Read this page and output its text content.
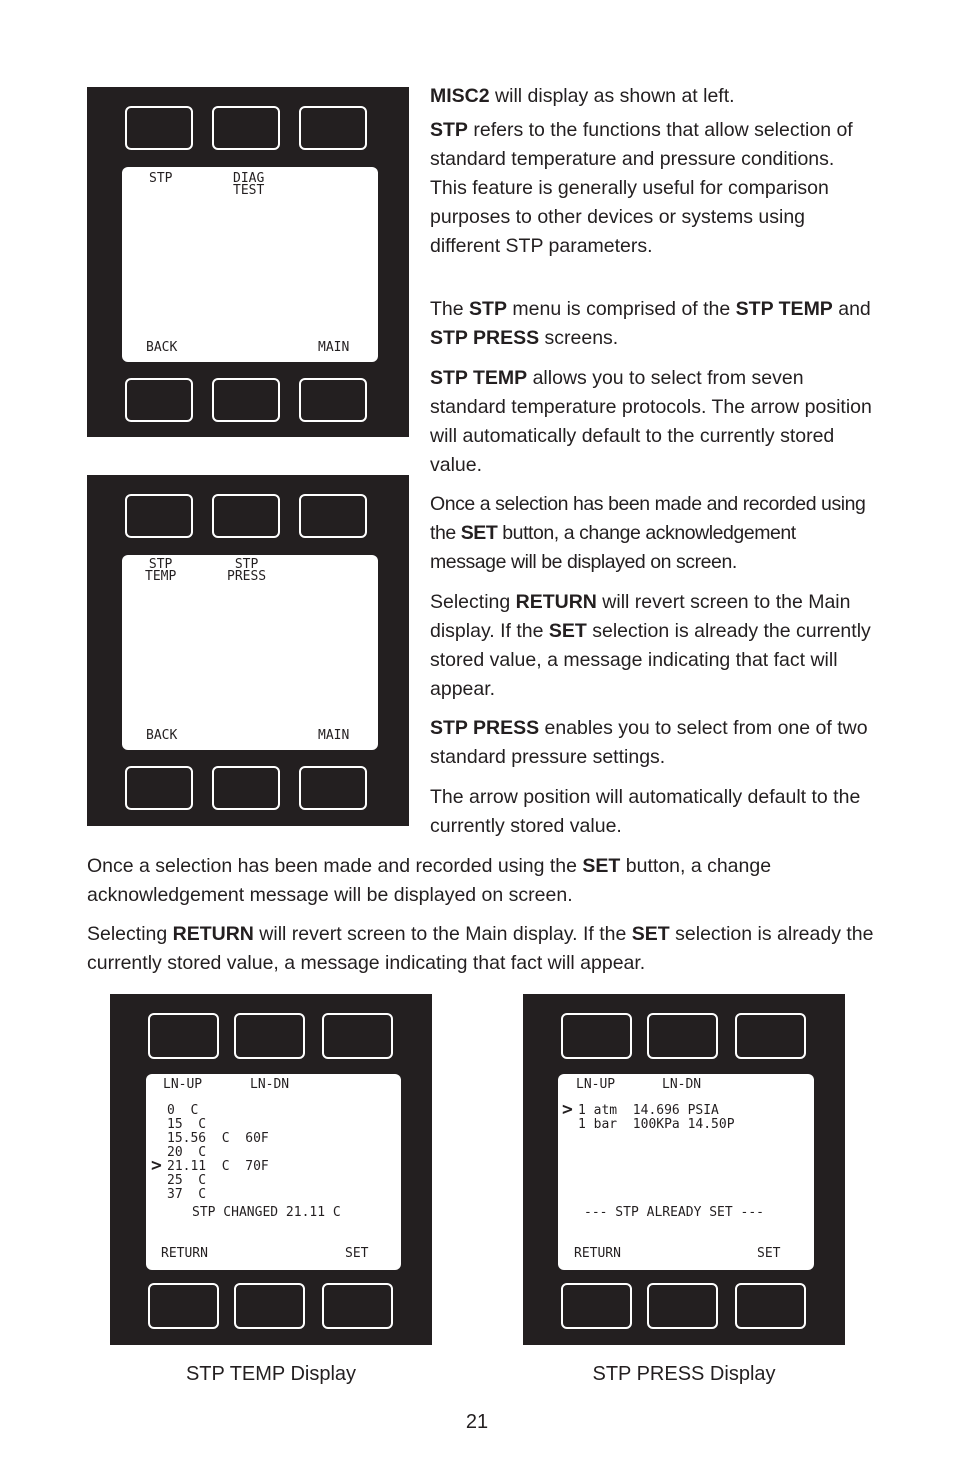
STP	DIAG
TEST
BACK	MAIN
STP
TEMP
STP
PRESS
BACK	MAIN

MISC2 will display as shown at left.

STP refers to the functions that allow selection of standard temperature and pressure conditions. This feature is generally useful for comparison purposes to other devices or systems using different STP parameters.

The STP menu is comprised of the STP TEMP and STP PRESS screens.

STP TEMP allows you to select from seven standard temperature protocols. The arrow position will automatically default to the currently stored value.

Once a selection has been made and recorded using the SET button, a change acknowledgement message will be displayed on screen.

Selecting RETURN will revert screen to the Main display. If the SET selection is already the currently stored value, a message indicating that fact will appear.

STP PRESS enables you to select from one of two standard pressure settings.

The arrow position will automatically default to the currently stored value.

Once a selection has been made and recorded using the SET button, a change acknowledgement message will be displayed on screen.

Selecting RETURN will revert screen to the Main display. If the SET selection is already the currently stored value, a message indicating that fact will appear.

LN-UP	LN-DN
0  C
15  C
15.56  C  60F
20  C
> 21.11  C  70F
25  C
37  C
STP CHANGED 21.11 C
RETURN	SET
LN-UP	LN-DN
> 1 atm  14.696 PSIA
1 bar  100KPa 14.50P
--- STP ALREADY SET ---
RETURN	SET
STP TEMP Display	STP PRESS Display
21
